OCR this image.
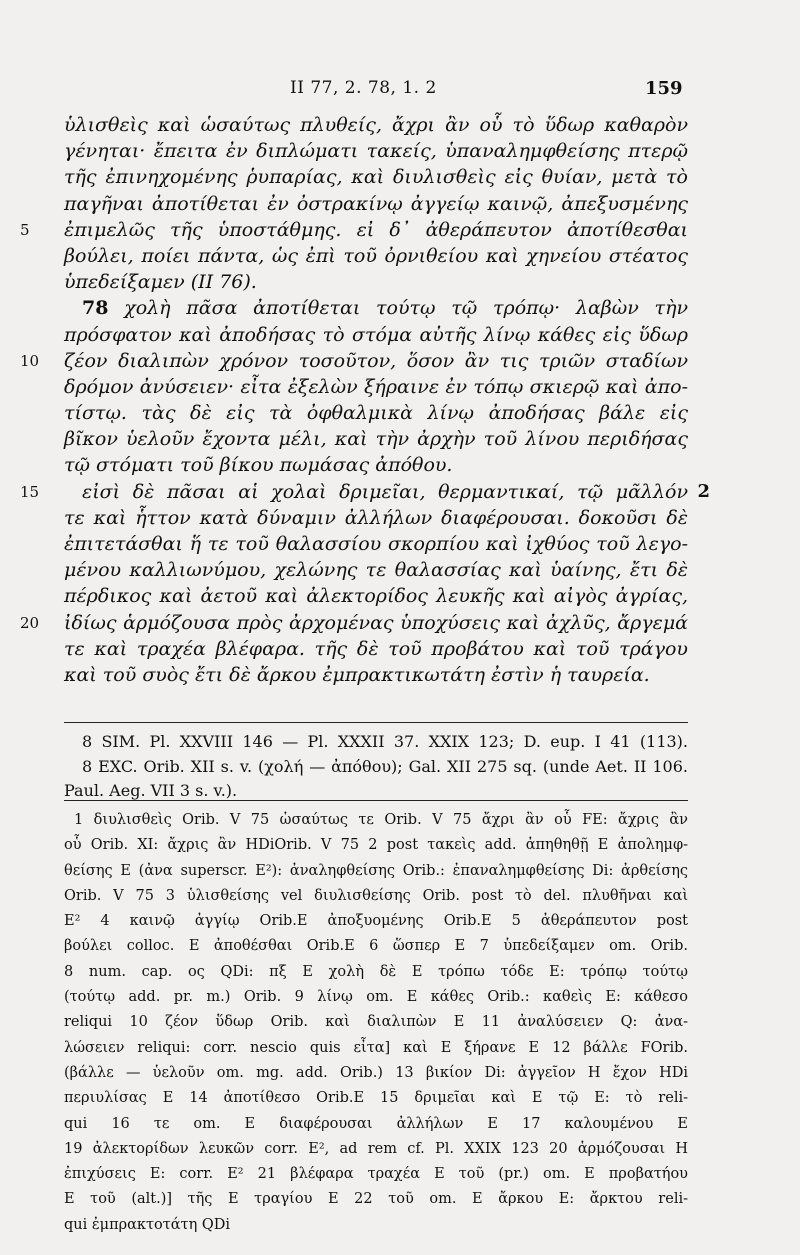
II 77, 2. 78, 1. 2	159
ὑλισθεὶς καὶ ὡσαύτως πλυθείς, ἄχρι ἂν οὗ τὸ ὕδωρ καθαρὸν
γένηται· ἔπειτα ἐν διπλώματι τακείς, ὑπαναλημφθείσης πτερῷ
τῆς ἐπινηχομένης ῥυπαρίας, καὶ διυλισθεὶς εἰς θυίαν, μετὰ τὸ
παγῆναι ἀποτίθεται ἐν ὀστρακίνῳ ἀγγείῳ καινῷ, ἀπεξυσμένης
5 ἐπιμελῶς τῆς ὑποστάθμης. εἰ δ᾽ ἀθεράπευτον ἀποτίθεσθαι
βούλει, ποίει πάντα, ὡς ἐπὶ τοῦ ὀρνιθείου καὶ χηνείου στέατος
ὑπεδείξαμεν (II 76).
78 χολὴ πᾶσα ἀποτίθεται τούτῳ τῷ τρόπῳ· λαβὼν τὴν
πρόσφατον καὶ ἀποδήσας τὸ στόμα αὐτῆς λίνῳ κάθες εἰς ὕδωρ
10 ζέον διαλιπὼν χρόνον τοσοῦτον, ὅσον ἂν τις τριῶν σταδίων
δρόμον ἀνύσειεν· εἶτα ἐξελὼν ξήραινε ἐν τόπῳ σκιερῷ καὶ ἀπο-
τίστῳ. τὰς δὲ εἰς τὰ ὀφθαλμικὰ λίνῳ ἀποδήσας βάλε εἰς
βῖκον ὑελοῦν ἔχοντα μέλι, καὶ τὴν ἀρχὴν τοῦ λίνου περιδήσας
τῷ στόματι τοῦ βίκου πωμάσας ἀπόθου.
15 εἰσὶ δὲ πᾶσαι αἱ χολαὶ δριμεῖαι, θερμαντικαί, τῷ μᾶλλόν 2
τε καὶ ἧττον κατὰ δύναμιν ἀλλήλων διαφέρουσαι. δοκοῦσι δὲ
ἐπιτετάσθαι ἥ τε τοῦ θαλασσίου σκορπίου καὶ ἰχθύος τοῦ λεγο-
μένου καλλιωνύμου, χελώνης τε θαλασσίας καὶ ὑαίνης, ἔτι δὲ
πέρδικος καὶ ἀετοῦ καὶ ἀλεκτορίδος λευκῆς καὶ αἰγὸς ἀγρίας,
20 ἰδίως ἁρμόζουσα πρὸς ἀρχομένας ὑποχύσεις καὶ ἀχλῦς, ἄργεμά
τε καὶ τραχέα βλέφαρα. τῆς δὲ τοῦ προβάτου καὶ τοῦ τράγου
καὶ τοῦ συὸς ἔτι δὲ ἄρκου ἐμπρακτικωτάτη ἐστὶν ἡ ταυρεία.
8 SIM. Pl. XXVIII 146 — Pl. XXXII 37. XXIX 123; D. eup. I 41 (113).
8 EXC. Orib. XII s. v. (χολή — ἀπόθου); Gal. XII 275 sq. (unde Aet. II 106.
Paul. Aeg. VII 3 s. v.).
1 διυλισθεὶς Orib. V 75 ὡσαύτως τε Orib. V 75 ἄχρι ἂν οὗ FE: ἄχρις ἂν
οὗ Orib. XI: ἄχρις ἂν HDiOrib. V 75 2 post τακεὶς add. ἀπηθηθῇ E ἀπολημφ-
θείσης E (ἀνα superscr. E²): ἀναληφθείσης Orib.: ἐπαναλημφθείσης Di: ἀρθείσης
Orib. V 75 3 ὑλισθείσης vel διυλισθείσης Orib. post τὸ del. πλυθῆναι καὶ
E² 4 καινῷ ἀγγίῳ Orib.E ἀποξυομένης Orib.E 5 ἀθεράπευτον post
βούλει colloc. E ἀποθέσθαι Orib.E 6 ὥσπερ E 7 ὑπεδείξαμεν om. Orib.
8 num. cap. ος QDi: πξ E χολὴ δὲ E τρόπω τόδε E: τρόπῳ τούτῳ
(τούτῳ add. pr. m.) Orib. 9 λίνῳ om. E κάθες Orib.: καθεὶς E: κάθεσο
reliqui 10 ζέον ὕδωρ Orib. καὶ διαλιπὼν E 11 ἀναλύσειεν Q: ἀνα-
λώσειεν reliqui: corr. nescio quis εἶτα] καὶ E ξήρανε E 12 βάλλε FOrib.
(βάλλε — ὑελοῦν om. mg. add. Orib.) 13 βικίον Di: ἀγγεῖον H ἔχον HDi
περιυλίσας E 14 ἀποτίθεσο Orib.E 15 δριμεῖαι καὶ E τῷ E: τὸ reli-
qui 16 τε om. E διαφέρουσαι ἀλλήλων E 17 καλουμένου E
19 ἀλεκτορίδων λευκῶν corr. E², ad rem cf. Pl. XXIX 123 20 ἁρμόζουσαι H
ἐπιχύσεις E: corr. E² 21 βλέφαρα τραχέα E τοῦ (pr.) om. E προβατήου
E τοῦ (alt.)] τῆς E τραγίου E 22 τοῦ om. E ἄρκου E: ἄρκτου reli-
qui ἐμπρακτοτάτη QDi
